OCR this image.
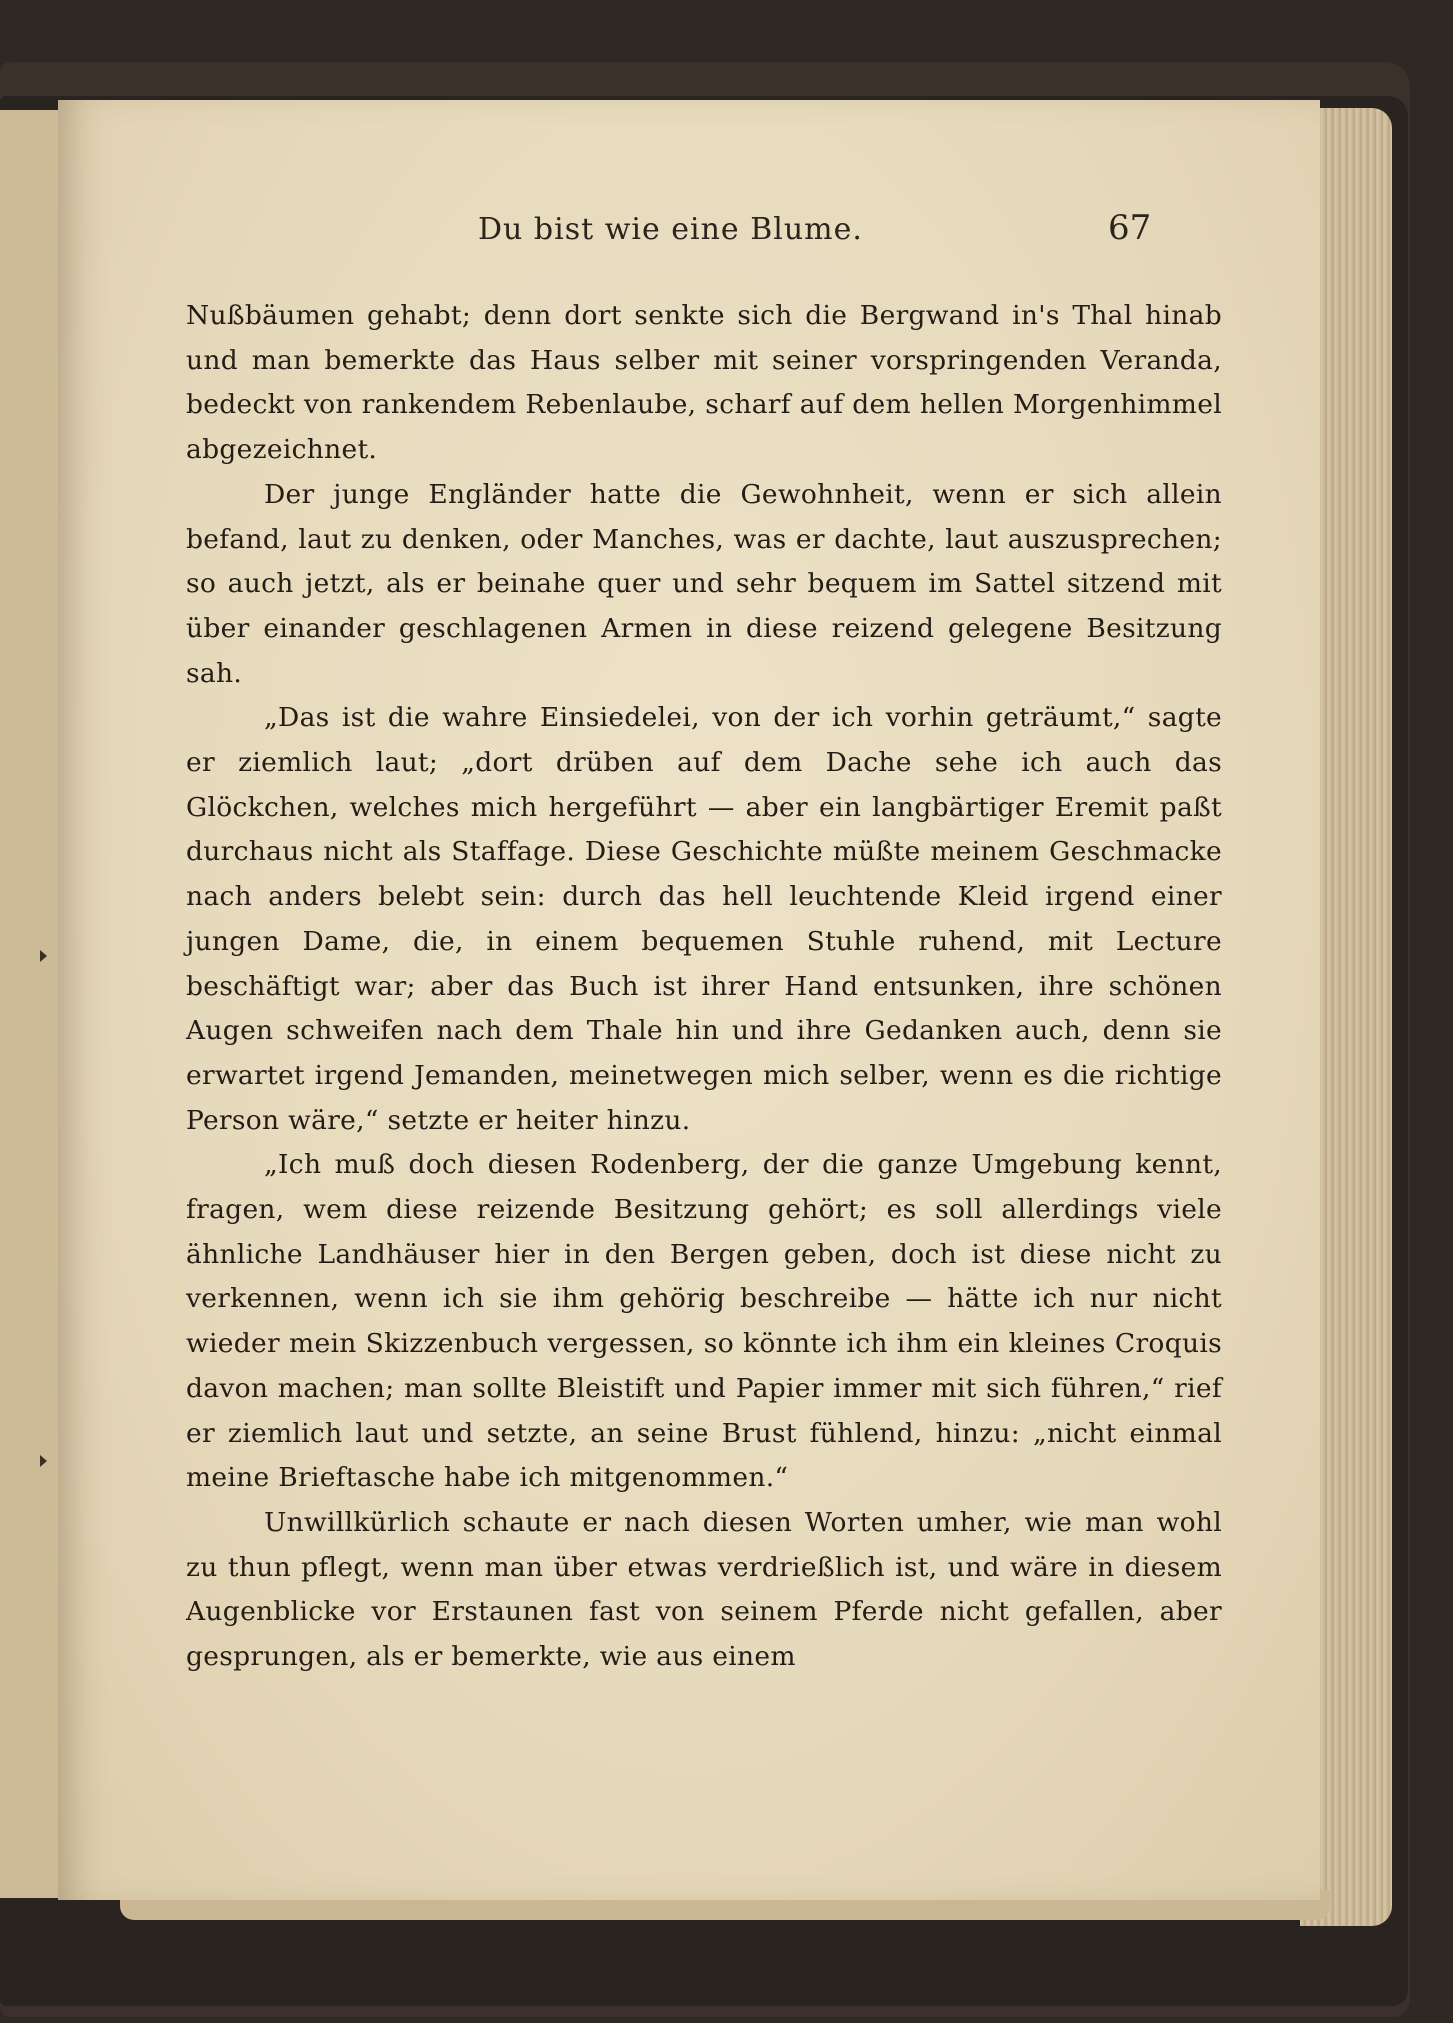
Du bist wie eine Blume.	67

Nußbäumen gehabt; denn dort senkte sich die Bergwand in's Thal hinab und man bemerkte das Haus selber mit seiner vorspringenden Veranda, bedeckt von rankendem Rebenlaube, scharf auf dem hellen Morgenhimmel abgezeichnet.

Der junge Engländer hatte die Gewohnheit, wenn er sich allein befand, laut zu denken, oder Manches, was er dachte, laut auszusprechen; so auch jetzt, als er beinahe quer und sehr bequem im Sattel sitzend mit über einander geschlagenen Armen in diese reizend gelegene Besitzung sah.

„Das ist die wahre Einsiedelei, von der ich vorhin geträumt,“ sagte er ziemlich laut; „dort drüben auf dem Dache sehe ich auch das Glöckchen, welches mich hergeführt — aber ein langbärtiger Eremit paßt durchaus nicht als Staffage. Diese Geschichte müßte meinem Geschmacke nach anders belebt sein: durch das hell leuchtende Kleid irgend einer jungen Dame, die, in einem bequemen Stuhle ruhend, mit Lecture beschäftigt war; aber das Buch ist ihrer Hand entsunken, ihre schönen Augen schweifen nach dem Thale hin und ihre Gedanken auch, denn sie erwartet irgend Jemanden, meinetwegen mich selber, wenn es die richtige Person wäre,“ setzte er heiter hinzu.

„Ich muß doch diesen Rodenberg, der die ganze Umgebung kennt, fragen, wem diese reizende Besitzung gehört; es soll allerdings viele ähnliche Landhäuser hier in den Bergen geben, doch ist diese nicht zu verkennen, wenn ich sie ihm gehörig beschreibe — hätte ich nur nicht wieder mein Skizzenbuch vergessen, so könnte ich ihm ein kleines Croquis davon machen; man sollte Bleistift und Papier immer mit sich führen,“ rief er ziemlich laut und setzte, an seine Brust fühlend, hinzu: „nicht einmal meine Brieftasche habe ich mitgenommen.“

Unwillkürlich schaute er nach diesen Worten umher, wie man wohl zu thun pflegt, wenn man über etwas verdrießlich ist, und wäre in diesem Augenblicke vor Erstaunen fast von seinem Pferde nicht gefallen, aber gesprungen, als er bemerkte, wie aus einem
